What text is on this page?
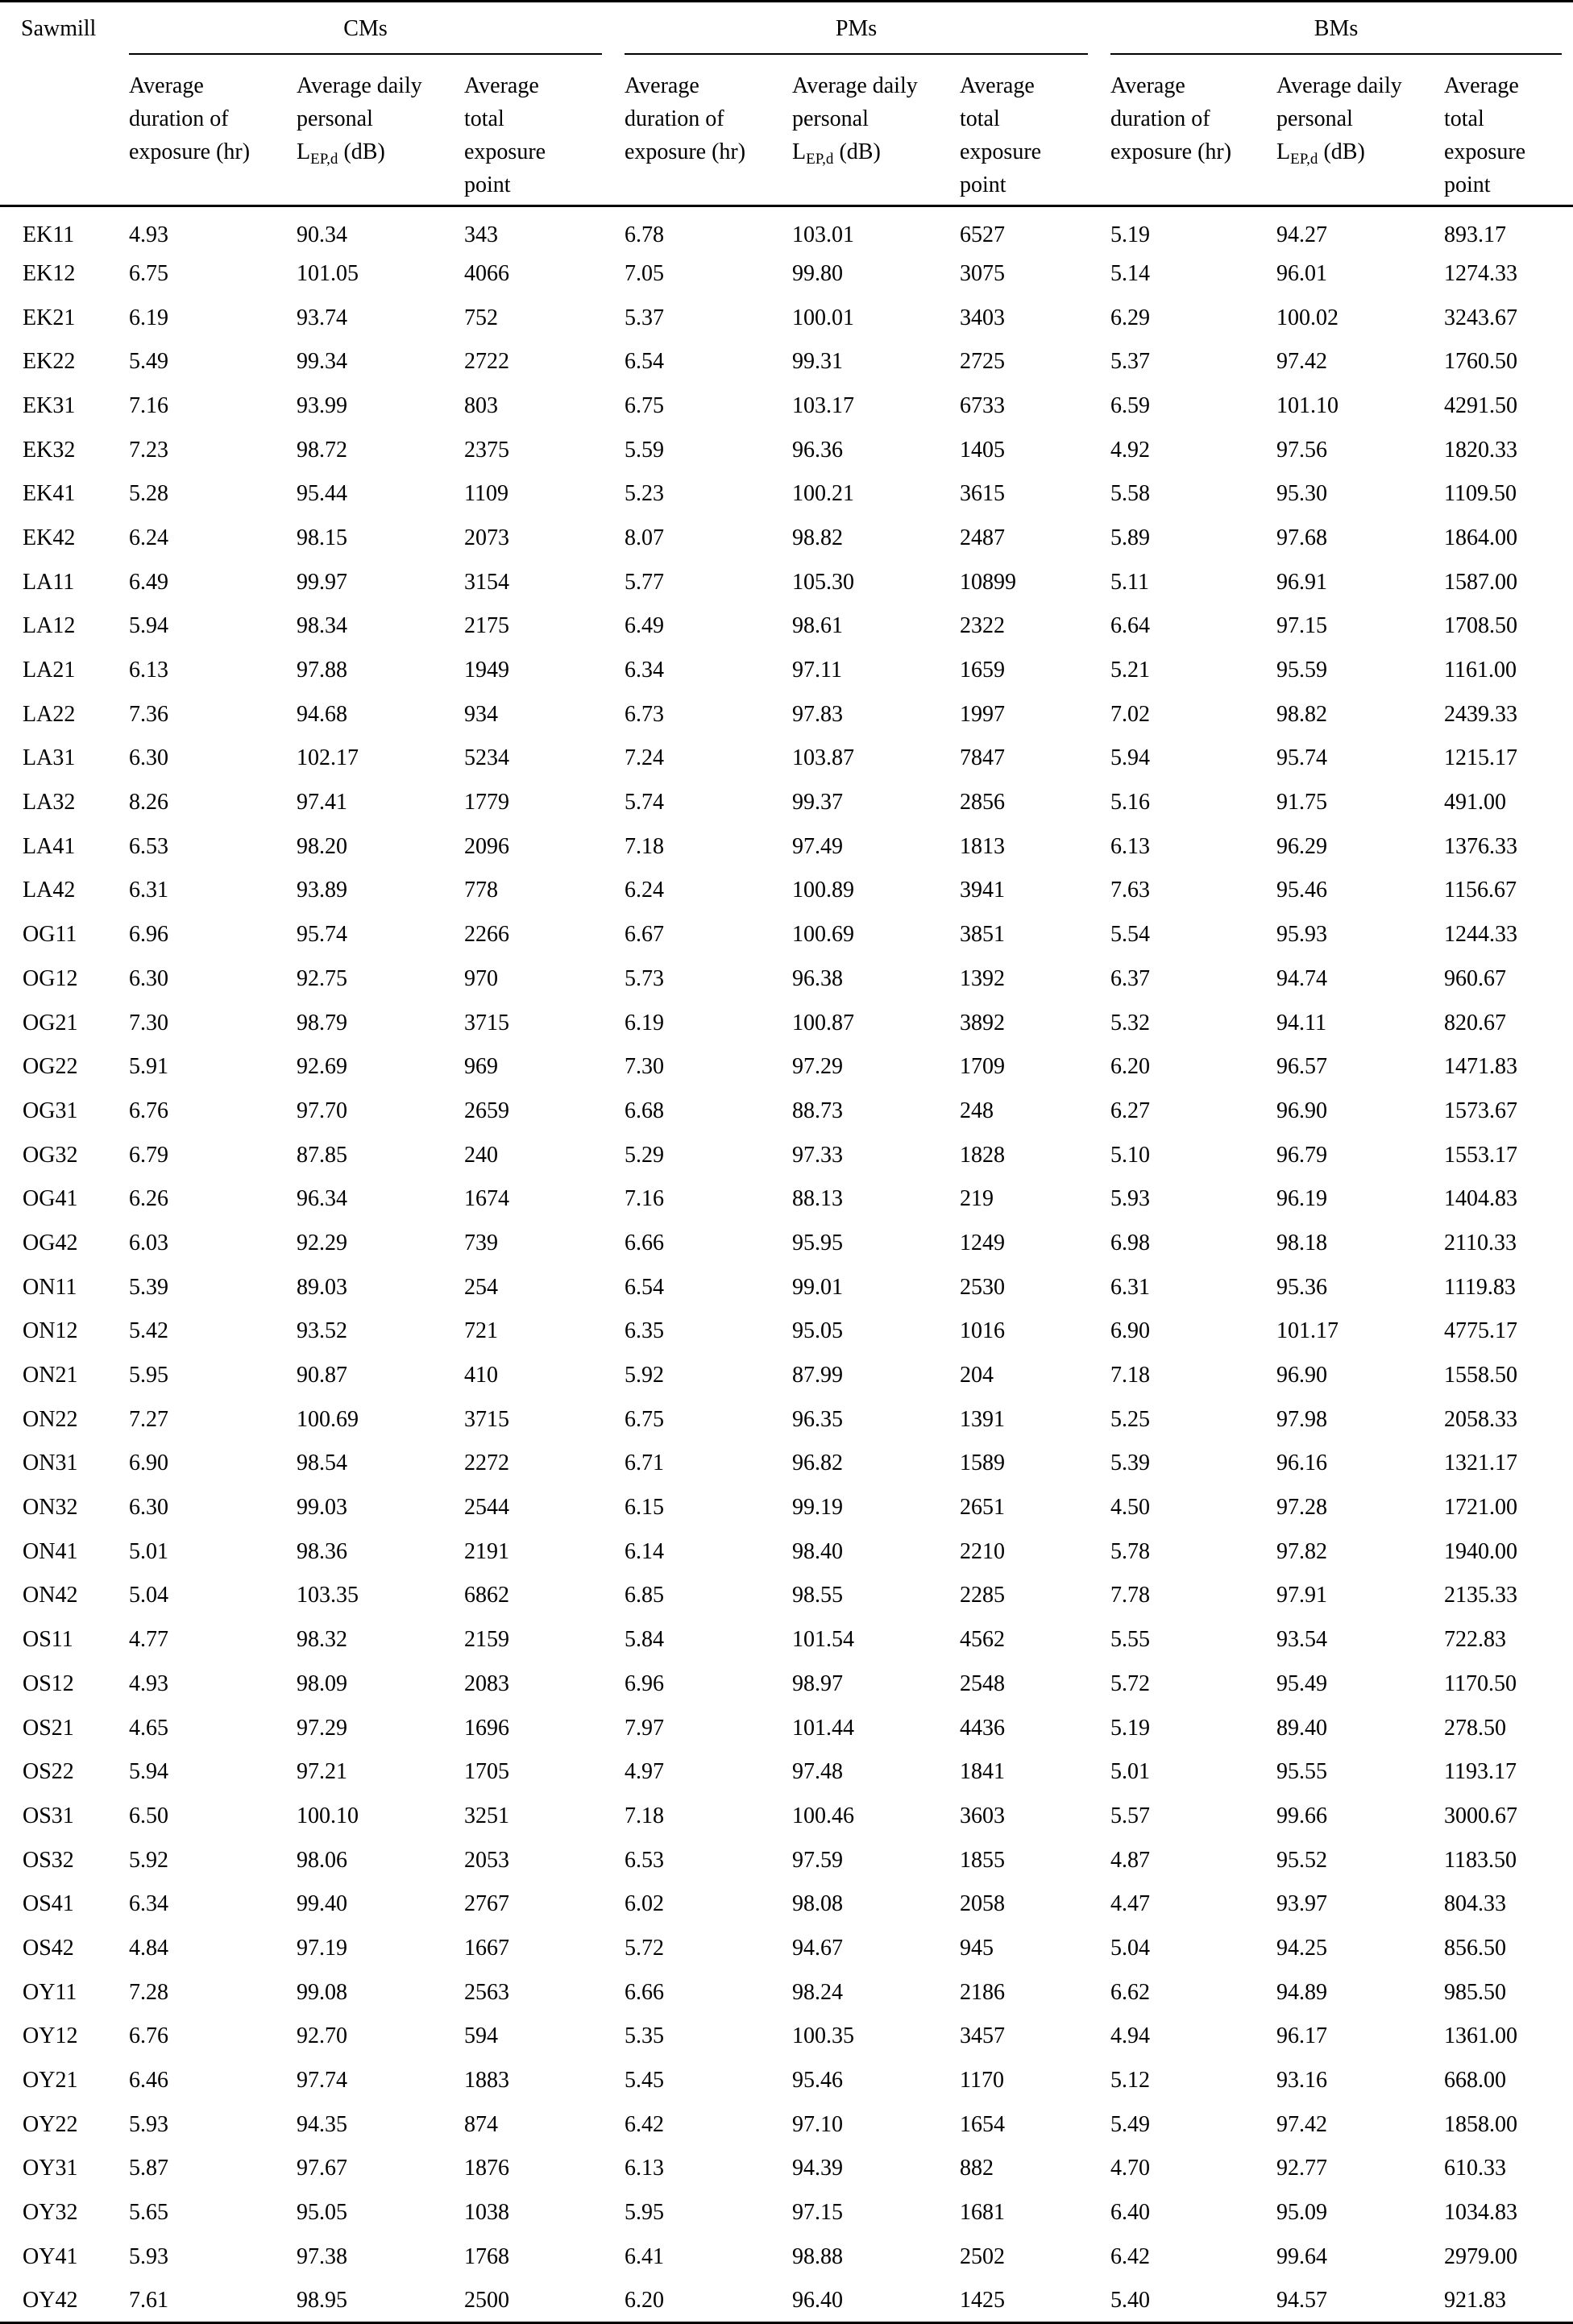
Sawmill	CMs			PMs			BMs		

	Average
duration of
exposure (hr)	Average daily
personal
$L_{EP,d}$ (dB)	Average
total
exposure
point	Average
duration of
exposure (hr)	Average daily
personal
$L_{EP,d}$ (dB)	Average
total
exposure
point	Average
duration of
exposure (hr)	Average daily
personal
$L_{EP,d}$ (dB)	Average
total
exposure
point

EK11	4.93	90.34	343	6.78	103.01	6527	5.19	94.27	893.17
EK12	6.75	101.05	4066	7.05	99.80	3075	5.14	96.01	1274.33
EK21	6.19	93.74	752	5.37	100.01	3403	6.29	100.02	3243.67
EK22	5.49	99.34	2722	6.54	99.31	2725	5.37	97.42	1760.50
EK31	7.16	93.99	803	6.75	103.17	6733	6.59	101.10	4291.50
EK32	7.23	98.72	2375	5.59	96.36	1405	4.92	97.56	1820.33
EK41	5.28	95.44	1109	5.23	100.21	3615	5.58	95.30	1109.50
EK42	6.24	98.15	2073	8.07	98.82	2487	5.89	97.68	1864.00
LA11	6.49	99.97	3154	5.77	105.30	10899	5.11	96.91	1587.00
LA12	5.94	98.34	2175	6.49	98.61	2322	6.64	97.15	1708.50
LA21	6.13	97.88	1949	6.34	97.11	1659	5.21	95.59	1161.00
LA22	7.36	94.68	934	6.73	97.83	1997	7.02	98.82	2439.33
LA31	6.30	102.17	5234	7.24	103.87	7847	5.94	95.74	1215.17
LA32	8.26	97.41	1779	5.74	99.37	2856	5.16	91.75	491.00
LA41	6.53	98.20	2096	7.18	97.49	1813	6.13	96.29	1376.33
LA42	6.31	93.89	778	6.24	100.89	3941	7.63	95.46	1156.67
OG11	6.96	95.74	2266	6.67	100.69	3851	5.54	95.93	1244.33
OG12	6.30	92.75	970	5.73	96.38	1392	6.37	94.74	960.67
OG21	7.30	98.79	3715	6.19	100.87	3892	5.32	94.11	820.67
OG22	5.91	92.69	969	7.30	97.29	1709	6.20	96.57	1471.83
OG31	6.76	97.70	2659	6.68	88.73	248	6.27	96.90	1573.67
OG32	6.79	87.85	240	5.29	97.33	1828	5.10	96.79	1553.17
OG41	6.26	96.34	1674	7.16	88.13	219	5.93	96.19	1404.83
OG42	6.03	92.29	739	6.66	95.95	1249	6.98	98.18	2110.33
ON11	5.39	89.03	254	6.54	99.01	2530	6.31	95.36	1119.83
ON12	5.42	93.52	721	6.35	95.05	1016	6.90	101.17	4775.17
ON21	5.95	90.87	410	5.92	87.99	204	7.18	96.90	1558.50
ON22	7.27	100.69	3715	6.75	96.35	1391	5.25	97.98	2058.33
ON31	6.90	98.54	2272	6.71	96.82	1589	5.39	96.16	1321.17
ON32	6.30	99.03	2544	6.15	99.19	2651	4.50	97.28	1721.00
ON41	5.01	98.36	2191	6.14	98.40	2210	5.78	97.82	1940.00
ON42	5.04	103.35	6862	6.85	98.55	2285	7.78	97.91	2135.33
OS11	4.77	98.32	2159	5.84	101.54	4562	5.55	93.54	722.83
OS12	4.93	98.09	2083	6.96	98.97	2548	5.72	95.49	1170.50
OS21	4.65	97.29	1696	7.97	101.44	4436	5.19	89.40	278.50
OS22	5.94	97.21	1705	4.97	97.48	1841	5.01	95.55	1193.17
OS31	6.50	100.10	3251	7.18	100.46	3603	5.57	99.66	3000.67
OS32	5.92	98.06	2053	6.53	97.59	1855	4.87	95.52	1183.50
OS41	6.34	99.40	2767	6.02	98.08	2058	4.47	93.97	804.33
OS42	4.84	97.19	1667	5.72	94.67	945	5.04	94.25	856.50
OY11	7.28	99.08	2563	6.66	98.24	2186	6.62	94.89	985.50
OY12	6.76	92.70	594	5.35	100.35	3457	4.94	96.17	1361.00
OY21	6.46	97.74	1883	5.45	95.46	1170	5.12	93.16	668.00
OY22	5.93	94.35	874	6.42	97.10	1654	5.49	97.42	1858.00
OY31	5.87	97.67	1876	6.13	94.39	882	4.70	92.77	610.33
OY32	5.65	95.05	1038	5.95	97.15	1681	6.40	95.09	1034.83
OY41	5.93	97.38	1768	6.41	98.88	2502	6.42	99.64	2979.00
OY42	7.61	98.95	2500	6.20	96.40	1425	5.40	94.57	921.83
